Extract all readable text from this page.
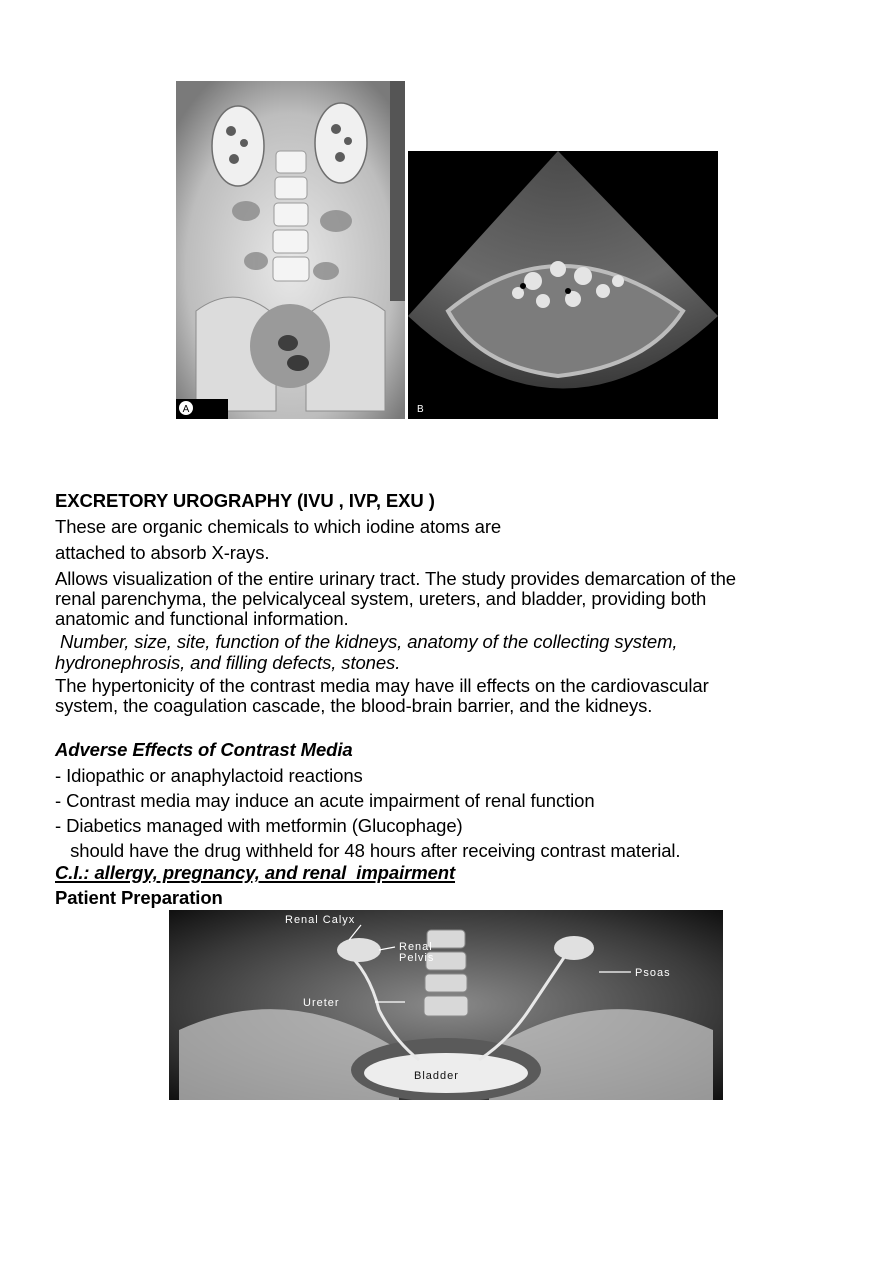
A	B
EXCRETORY UROGRAPHY (IVU , IVP, EXU )
These are organic chemicals to which iodine atoms are
attached to absorb X-rays.
Allows visualization of the entire urinary tract. The study provides demarcation of the
renal parenchyma, the pelvicalyceal system, ureters, and bladder, providing both
anatomic and functional information.
Number, size, site, function of the kidneys, anatomy of the collecting system,
hydronephrosis, and filling defects, stones.
The hypertonicity of the contrast media may have ill effects on the cardiovascular
system, the coagulation cascade, the blood-brain barrier, and the kidneys.
Adverse Effects of Contrast Media
- Idiopathic or anaphylactoid reactions
- Contrast media may induce an acute impairment of renal function
- Diabetics managed with metformin (Glucophage)
should have the drug withheld for 48 hours after receiving contrast material.
C.I.: allergy, pregnancy, and renal  impairment
Patient Preparation
Renal Calyx
Renal
Pelvis
Psoas
Ureter
Bladder
